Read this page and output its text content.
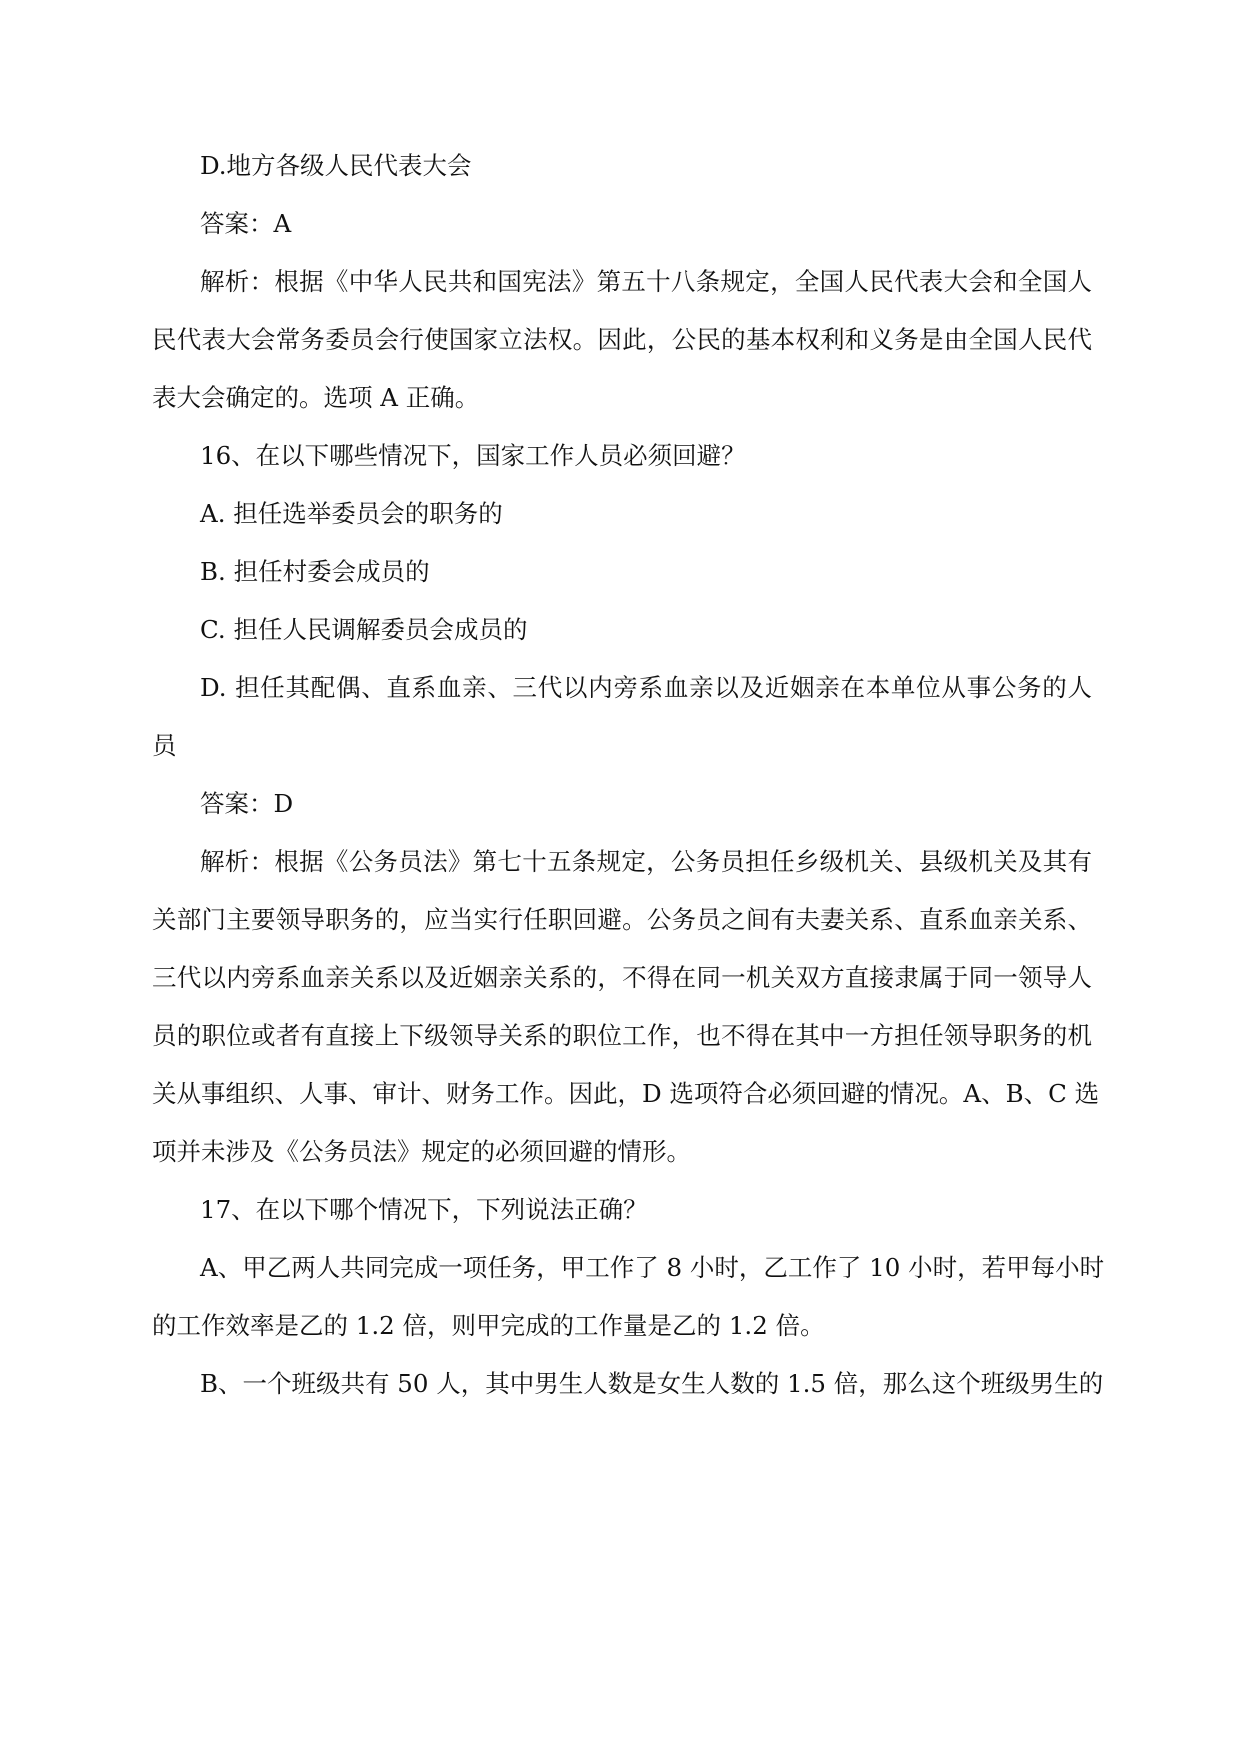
D.地方各级人民代表大会
答案：A
解析：根据《中华人民共和国宪法》第五十八条规定，全国人民代表大会和全国人
民代表大会常务委员会行使国家立法权。因此，公民的基本权利和义务是由全国人民代
表大会确定的。选项 A 正确。
16、在以下哪些情况下，国家工作人员必须回避？
A. 担任选举委员会的职务的
B. 担任村委会成员的
C. 担任人民调解委员会成员的
D. 担任其配偶、直系血亲、三代以内旁系血亲以及近姻亲在本单位从事公务的人
员
答案：D
解析：根据《公务员法》第七十五条规定，公务员担任乡级机关、县级机关及其有
关部门主要领导职务的，应当实行任职回避。公务员之间有夫妻关系、直系血亲关系、
三代以内旁系血亲关系以及近姻亲关系的，不得在同一机关双方直接隶属于同一领导人
员的职位或者有直接上下级领导关系的职位工作，也不得在其中一方担任领导职务的机
关从事组织、人事、审计、财务工作。因此，D 选项符合必须回避的情况。A、B、C 选
项并未涉及《公务员法》规定的必须回避的情形。
17、在以下哪个情况下，下列说法正确？
A、甲乙两人共同完成一项任务，甲工作了 8 小时，乙工作了 10 小时，若甲每小时
的工作效率是乙的 1.2 倍，则甲完成的工作量是乙的 1.2 倍。
B、一个班级共有 50 人，其中男生人数是女生人数的 1.5 倍，那么这个班级男生的
